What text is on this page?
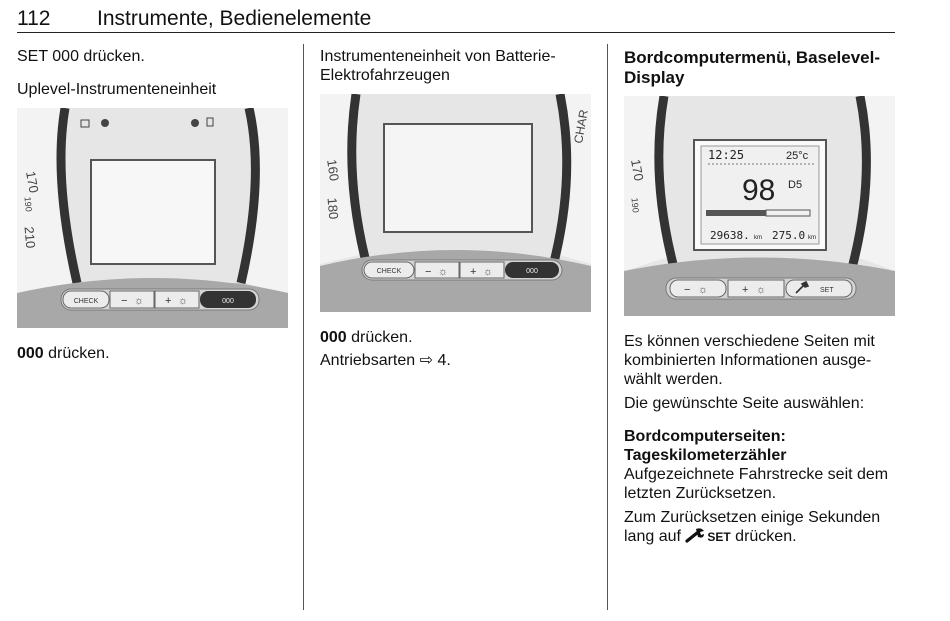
112 Instrumente, Bedienelemente

SET 000 drücken.

Uplevel-Instrumenteneinheit

170
190
210
CHECK − ☼ + ☼	000

000 drücken.

Instrumenteneinheit von Batterie-
Elektrofahrzeugen

160
180
CHAR
CHECK − ☼ + ☼	000

000 drücken.

Antriebsarten ⇨ 4.

Bordcomputermenü, Baselevel-
Display

170
190
12:25	25°c
98 D5
29638. km 275.0 km
− ☼	+ ☼	SET

Es können verschiedene Seiten mit
kombinierten Informationen ausge-
wählt werden.

Die gewünschte Seite auswählen:

Bordcomputerseiten:

Tageskilometerzähler

Aufgezeichnete Fahrstrecke seit dem
letzten Zurücksetzen.

Zum Zurücksetzen einige Sekunden
lang auf SET drücken.
